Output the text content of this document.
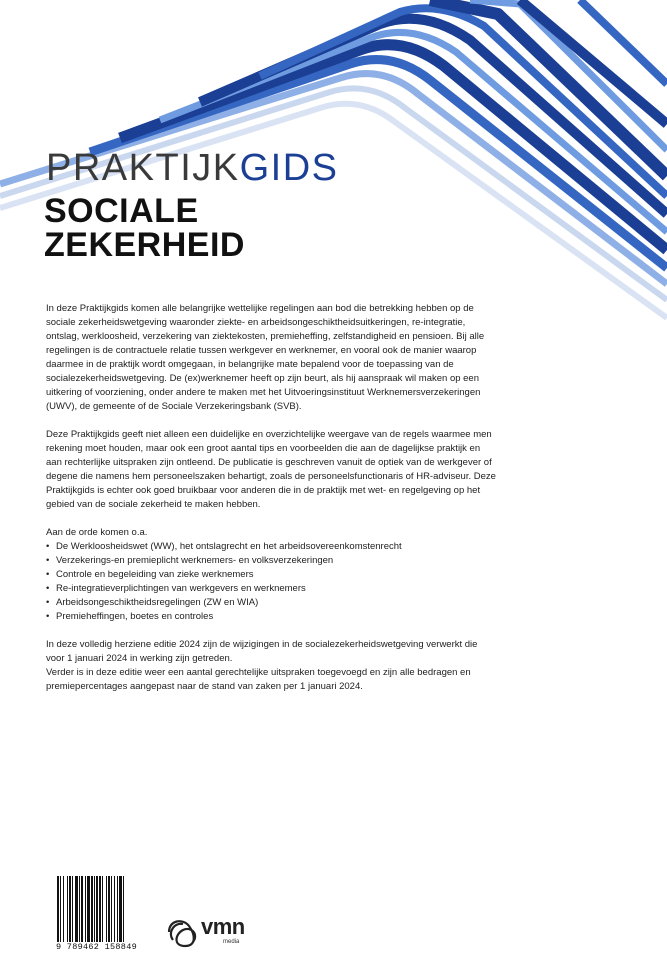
PRAKTIJKGIDS
SOCIALE
ZEKERHEID

In deze Praktijkgids komen alle belangrijke wettelijke regelingen aan bod die betrekking hebben op de sociale zekerheidswetgeving waaronder ziekte- en arbeidsongeschiktheidsuitkeringen, re-integratie, ontslag, werkloosheid, verzekering van ziektekosten, premieheffing, zelfstandigheid en pensioen. Bij alle regelingen is de contractuele relatie tussen werkgever en werknemer, en vooral ook de manier waarop daarmee in de praktijk wordt omgegaan, in belangrijke mate bepalend voor de toepassing van de socialezekerheidswetgeving. De (ex)werknemer heeft op zijn beurt, als hij aanspraak wil maken op een uitkering of voorziening, onder andere te maken met het Uitvoeringsinstituut Werknemersverzekeringen (UWV), de gemeente of de Sociale Verzekeringsbank (SVB).

Deze Praktijkgids geeft niet alleen een duidelijke en overzichtelijke weergave van de regels waarmee men rekening moet houden, maar ook een groot aantal tips en voorbeelden die aan de dagelijkse praktijk en aan rechterlijke uitspraken zijn ontleend. De publicatie is geschreven vanuit de optiek van de werkgever of degene die namens hem personeelszaken behartigt, zoals de personeelsfunctionaris of HR-adviseur. Deze Praktijkgids is echter ook goed bruikbaar voor anderen die in de praktijk met wet- en regelgeving op het gebied van de sociale zekerheid te maken hebben.

Aan de orde komen o.a.

• De Werkloosheidswet (WW), het ontslagrecht en het arbeidsovereenkomstenrecht
• Verzekerings-en premieplicht werknemers- en volksverzekeringen
• Controle en begeleiding van zieke werknemers
• Re-integratieverplichtingen van werkgevers en werknemers
• Arbeidsongeschiktheidsregelingen (ZW en WIA)
• Premieheffingen, boetes en controles

In deze volledig herziene editie 2024 zijn de wijzigingen in de socialezekerheidswetgeving verwerkt die voor 1 januari 2024 in werking zijn getreden.
Verder is in deze editie weer een aantal gerechtelijke uitspraken toegevoegd en zijn alle bedragen en premiepercentages aangepast naar de stand van zaken per 1 januari 2024.

9 789462 158849
vmn
media
